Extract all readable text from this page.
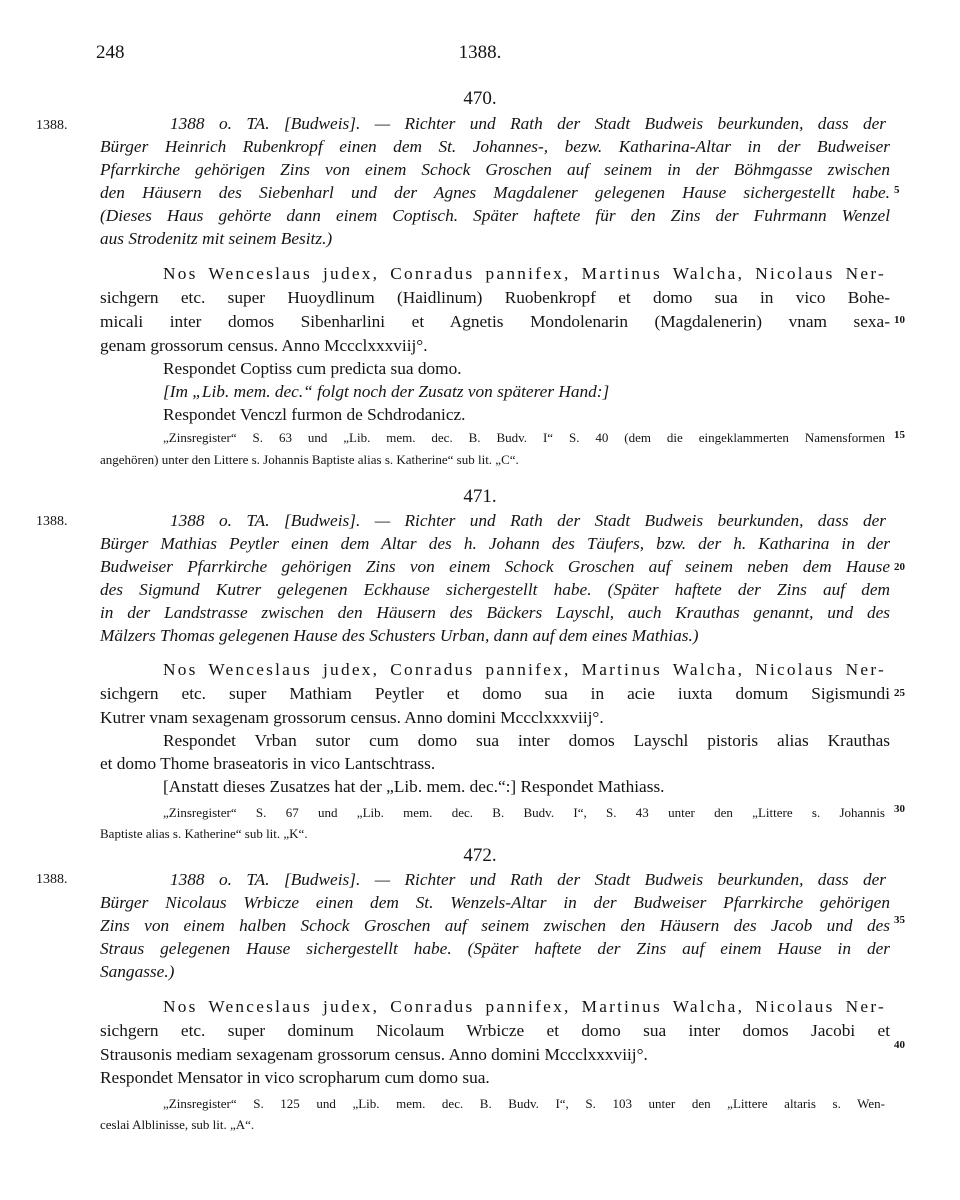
248	1388.
5
10
15
20
25
30
35
40
470.
1388.	1388 o. TA. [Budweis]. — Richter und Rath der Stadt Budweis beurkunden, dass der
Bürger Heinrich Rubenkropf einen dem St. Johannes-, bezw. Katharina-Altar in der Budweiser
Pfarrkirche gehörigen Zins von einem Schock Groschen auf seinem in der Böhmgasse zwischen
den Häusern des Siebenharl und der Agnes Magdalener gelegenen Hause sichergestellt habe.
(Dieses Haus gehörte dann einem Coptisch. Später haftete für den Zins der Fuhrmann Wenzel
aus Strodenitz mit seinem Besitz.)
Nos Wenceslaus judex, Conradus pannifex, Martinus Walcha, Nicolaus Ner-
sichgern etc. super Huoydlinum (Haidlinum) Ruobenkropf et domo sua in vico Bohe-
micali inter domos Sibenharlini et Agnetis Mondolenarin (Magdalenerin) vnam sexa-
genam grossorum census. Anno Mccclxxxviij°.
Respondet Coptiss cum predicta sua domo.
[Im „Lib. mem. dec.“ folgt noch der Zusatz von späterer Hand:]
Respondet Venczl furmon de Schdrodanicz.
„Zinsregister“ S. 63 und „Lib. mem. dec. B. Budv. I“ S. 40 (dem die eingeklammerten Namensformen
angehören) unter den Littere s. Johannis Baptiste alias s. Katherine“ sub lit. „C“.
471.
1388.	1388 o. TA. [Budweis]. — Richter und Rath der Stadt Budweis beurkunden, dass der
Bürger Mathias Peytler einen dem Altar des h. Johann des Täufers, bzw. der h. Katharina in der
Budweiser Pfarrkirche gehörigen Zins von einem Schock Groschen auf seinem neben dem Hause
des Sigmund Kutrer gelegenen Eckhause sichergestellt habe. (Später haftete der Zins auf dem
in der Landstrasse zwischen den Häusern des Bäckers Layschl, auch Krauthas genannt, und des
Mälzers Thomas gelegenen Hause des Schusters Urban, dann auf dem eines Mathias.)
Nos Wenceslaus judex, Conradus pannifex, Martinus Walcha, Nicolaus Ner-
sichgern etc. super Mathiam Peytler et domo sua in acie iuxta domum Sigismundi
Kutrer vnam sexagenam grossorum census. Anno domini Mccclxxxviij°.
Respondet Vrban sutor cum domo sua inter domos Layschl pistoris alias Krauthas
et domo Thome braseatoris in vico Lantschtrass.
[Anstatt dieses Zusatzes hat der „Lib. mem. dec.“:] Respondet Mathiass.
„Zinsregister“ S. 67 und „Lib. mem. dec. B. Budv. I“, S. 43 unter den „Littere s. Johannis
Baptiste alias s. Katherine“ sub lit. „K“.
472.
1388.	1388 o. TA. [Budweis]. — Richter und Rath der Stadt Budweis beurkunden, dass der
Bürger Nicolaus Wrbicze einen dem St. Wenzels-Altar in der Budweiser Pfarrkirche gehörigen
Zins von einem halben Schock Groschen auf seinem zwischen den Häusern des Jacob und des
Straus gelegenen Hause sichergestellt habe. (Später haftete der Zins auf einem Hause in der
Sangasse.)
Nos Wenceslaus judex, Conradus pannifex, Martinus Walcha, Nicolaus Ner-
sichgern etc. super dominum Nicolaum Wrbicze et domo sua inter domos Jacobi et
Strausonis mediam sexagenam grossorum census. Anno domini Mccclxxxviij°.
Respondet Mensator in vico scropharum cum domo sua.
„Zinsregister“ S. 125 und „Lib. mem. dec. B. Budv. I“, S. 103 unter den „Littere altaris s. Wen-
ceslai Alblinisse, sub lit. „A“.
